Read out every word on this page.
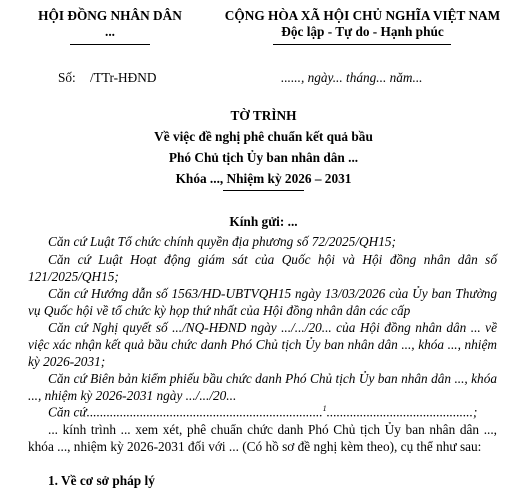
HỘI ĐỒNG NHÂN DÂN
...
CỘNG HÒA XÃ HỘI CHỦ NGHĨA VIỆT NAM
Độc lập - Tự do - Hạnh phúc
Số: /TTr-HĐND	......, ngày... tháng... năm...
TỜ TRÌNH
Về việc đề nghị phê chuẩn kết quả bầu
Phó Chủ tịch Ủy ban nhân dân ...
Khóa ..., Nhiệm kỳ 2026 – 2031
Kính gửi: ...
Căn cứ Luật Tổ chức chính quyền địa phương số 72/2025/QH15;
Căn cứ Luật Hoạt động giám sát của Quốc hội và Hội đồng nhân dân số 121/2025/QH15;
Căn cứ Hướng dẫn số 1563/HD-UBTVQH15 ngày 13/03/2026 của Ủy ban Thường vụ Quốc hội về tổ chức kỳ họp thứ nhất của Hội đồng nhân dân các cấp
Căn cứ Nghị quyết số .../NQ-HĐND ngày .../.../20... của Hội đồng nhân dân ... về việc xác nhận kết quả bầu chức danh Phó Chủ tịch Ủy ban nhân dân ..., khóa ..., nhiệm kỳ 2026-2031;
Căn cứ Biên bản kiểm phiếu bầu chức danh Phó Chủ tịch Ủy ban nhân dân ..., khóa ..., nhiệm kỳ 2026-2031 ngày .../.../20...
Căn cứ.......................................................................$^1$............................................;
... kính trình ... xem xét, phê chuẩn chức danh Phó Chủ tịch Ủy ban nhân dân ..., khóa ..., nhiệm kỳ 2026-2031 đối với ... (Có hồ sơ đề nghị kèm theo), cụ thể như sau:
1. Về cơ sở pháp lý
